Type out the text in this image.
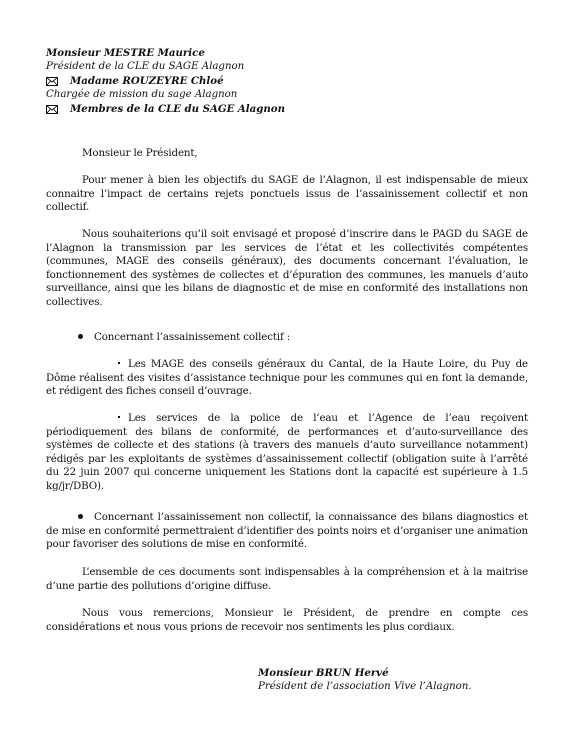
Monsieur MESTRE Maurice
Président de la CLE du SAGE Alagnon
Madame ROUZEYRE Chloé
Chargée de mission du sage Alagnon
Membres de la CLE du SAGE Alagnon
Monsieur le Président,
Pour mener à bien les objectifs du SAGE de l’Alagnon, il est indispensable de mieux connaitre l’impact de certains rejets ponctuels issus de l’assainissement collectif et non collectif.
Nous souhaiterions qu’il soit envisagé et proposé d’inscrire dans le PAGD du SAGE de l’Alagnon la transmission par les services de l’état et les collectivités compétentes (communes, MAGE des conseils généraux), des documents concernant l’évaluation, le fonctionnement des systèmes de collectes et d’épuration des communes, les manuels d’auto surveillance, ainsi que les bilans de diagnostic et de mise en conformité des installations non collectives.
Concernant l’assainissement collectif :
Les MAGE des conseils généraux du Cantal, de la Haute Loire, du Puy de Dôme réalisent des visites d’assistance technique pour les communes qui en font la demande, et rédigent des fiches conseil d’ouvrage.
Les services de la police de l’eau et l’Agence de l’eau reçoivent périodiquement des bilans de conformité, de performances et d’auto-surveillance des systèmes de collecte et des stations (à travers des manuels d’auto surveillance notamment) rédigés par les exploitants de systèmes d’assainissement collectif (obligation suite à l’arrêté du 22 juin 2007 qui concerne uniquement les Stations dont la capacité est supérieure à 1.5 kg/jr/DBO).
Concernant l’assainissement non collectif, la connaissance des bilans diagnostics et de mise en conformité permettraient d’identifier des points noirs et d’organiser une animation pour favoriser des solutions de mise en conformité.
L’ensemble de ces documents sont indispensables à la compréhension et à la maitrise d’une partie des pollutions d’origine diffuse.
Nous vous remercions, Monsieur le Président, de prendre en compte ces considérations et nous vous prions de recevoir nos sentiments les plus cordiaux.
Monsieur BRUN Hervé
Président de l’association Vive l’Alagnon.
